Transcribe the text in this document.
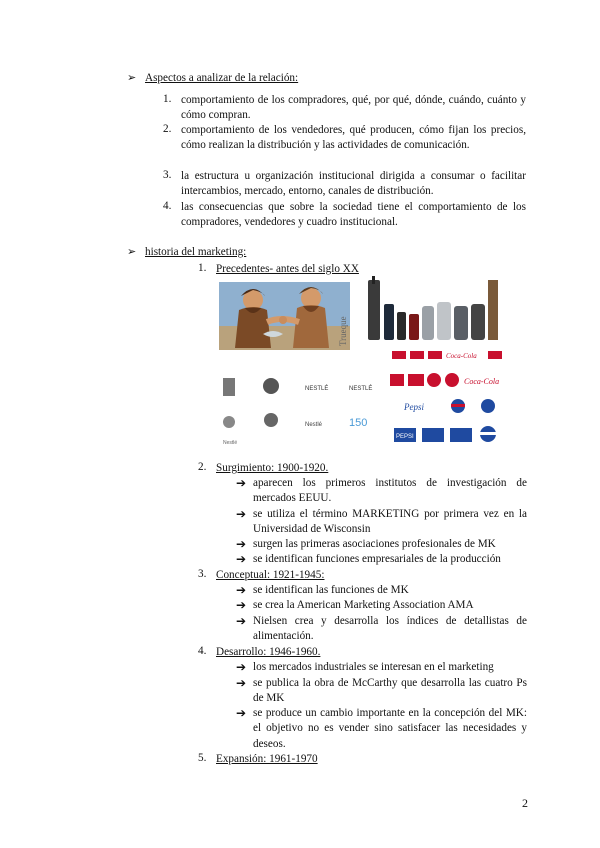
➢ Aspectos a analizar de la relación:
1. comportamiento de los compradores, qué, por qué, dónde, cuándo, cuánto y cómo compran.
2. comportamiento de los vendedores, qué producen, cómo fijan los precios, cómo realizan la distribución y las actividades de comunicación.
3. la estructura u organización institucional dirigida a consumar o facilitar intercambios, mercado, entorno, canales de distribución.
4. las consecuencias que sobre la sociedad tiene el comportamiento de los compradores, vendedores y cuadro institucional.
➢ historia del marketing:
1. Precedentes- antes del siglo XX
Trueque
Coca-Cola
NESTLÉ	NESTLÉ
Nestlé 150
Nestlé
Coca-Cola
Pepsi
PEPSI
2. Surgimiento: 1900-1920.
➔ aparecen los primeros institutos de investigación de mercados EEUU.
➔ se utiliza el término MARKETING por primera vez en la Universidad de Wisconsin
➔ surgen las primeras asociaciones profesionales de MK
➔ se identifican funciones empresariales de la producción
3. Conceptual: 1921-1945:
➔ se identifican las funciones de MK
➔ se crea la American Marketing Association AMA
➔ Nielsen crea y desarrolla los índices de detallistas de alimentación.
4. Desarrollo: 1946-1960.
➔ los mercados industriales se interesan en el marketing
➔ se publica la obra de McCarthy que desarrolla las cuatro Ps de MK
➔ se produce un cambio importante en la concepción del MK: el objetivo no es vender sino satisfacer las necesidades y deseos.
5. Expansión: 1961-1970
2
